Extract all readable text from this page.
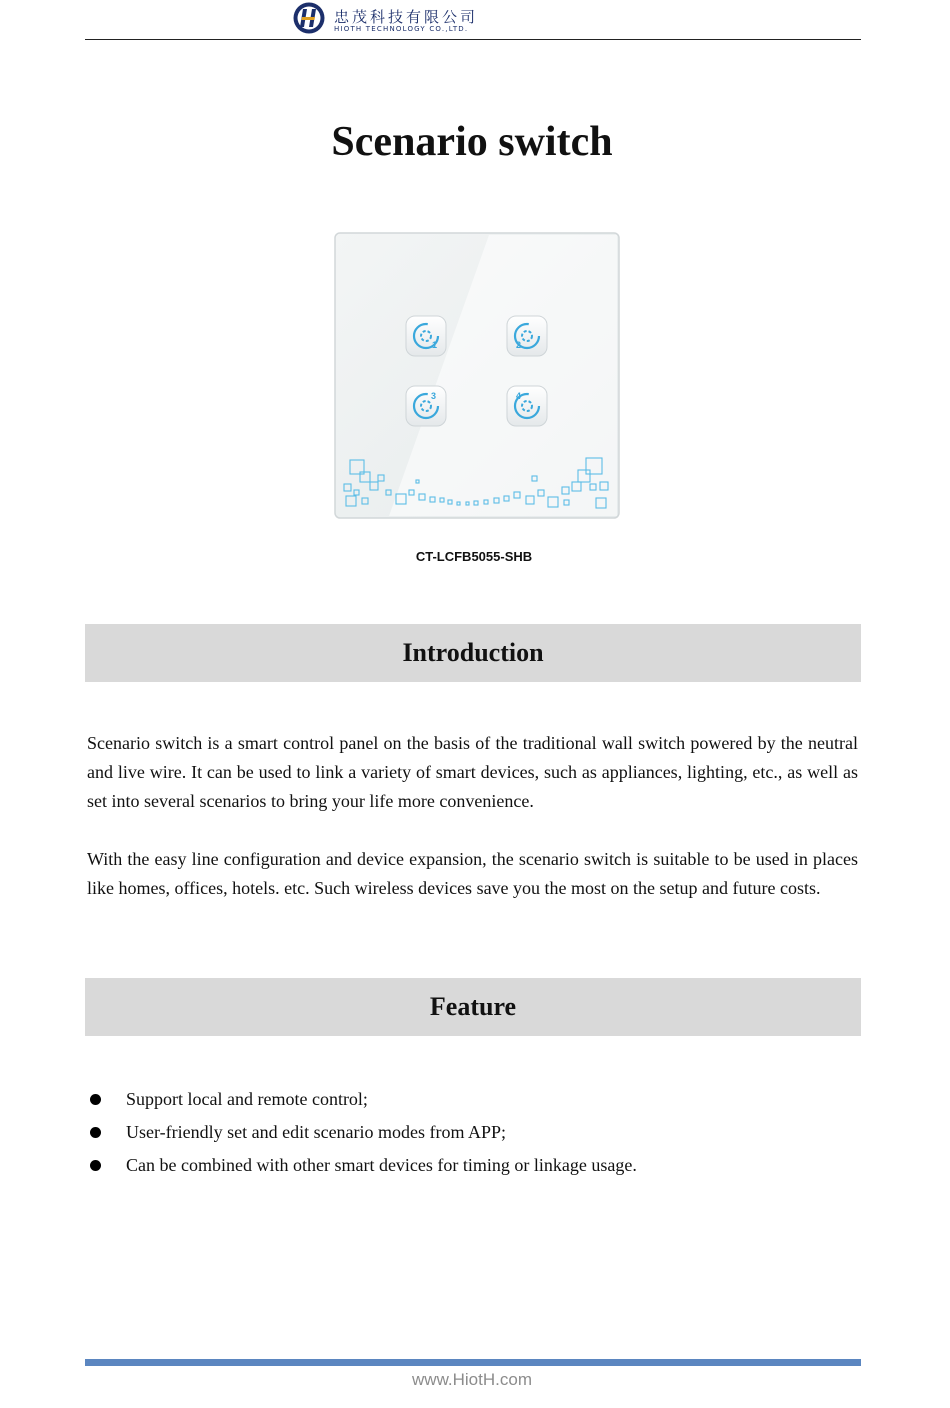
忠茂科技有限公司
HIOTH TECHNOLOGY CO.,LTD.
Scenario switch
1	2
3	4
CT-LCFB5055-SHB
Introduction

Scenario switch is a smart control panel on the basis of the traditional wall switch powered by the neutral and live wire. It can be used to link a variety of smart devices, such as appliances, lighting, etc., as well as set into several scenarios to bring your life more convenience.

With the easy line configuration and device expansion, the scenario switch is suitable to be used in places like homes, offices, hotels. etc. Such wireless devices save you the most on the setup and future costs.

Feature
Support local and remote control;
User-friendly set and edit scenario modes from APP;
Can be combined with other smart devices for timing or linkage usage.
www.HiotH.com
